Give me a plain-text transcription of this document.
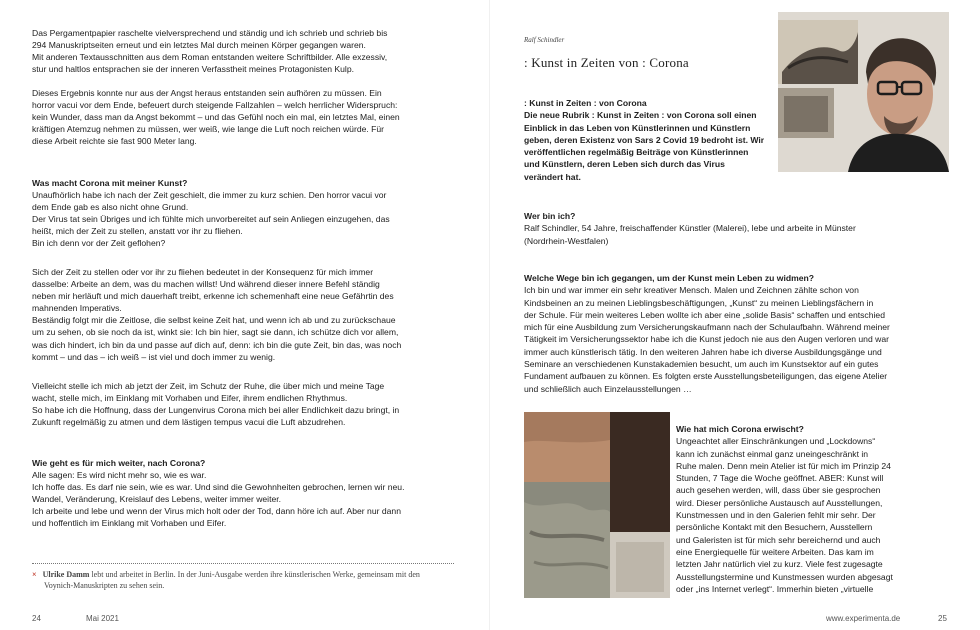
Das Pergamentpapier raschelte vielversprechend und ständig und ich schrieb und schrieb bis

294 Manuskriptseiten erneut und ein letztes Mal durch meinen Körper gegangen waren.

Mit anderen Textausschnitten aus dem Roman entstanden weitere Schriftbilder. Alle exzessiv,

stur und haltlos entsprachen sie der inneren Verfasstheit meines Protagonisten Kulp.

Dieses Ergebnis konnte nur aus der Angst heraus entstanden sein aufhören zu müssen. Ein

horror vacui vor dem Ende, befeuert durch steigende Fallzahlen – welch herrlicher Widerspruch:

kein Wunder, dass man da Angst bekommt – und das Gefühl noch ein mal, ein letztes Mal, einen

kräftigen Atemzug nehmen zu müssen, wer weiß, wie lange die Luft noch reichen würde. Für

diese Arbeit reichte sie fast 900 Meter lang.

Was macht Corona mit meiner Kunst?

Unaufhörlich habe ich nach der Zeit geschielt, die immer zu kurz schien. Den horror vacui vor

dem Ende gab es also nicht ohne Grund.

Der Virus tat sein Übriges und ich fühlte mich unvorbereitet auf sein Anliegen einzugehen, das

heißt, mich der Zeit zu stellen, anstatt vor ihr zu fliehen.

Bin ich denn vor der Zeit geflohen?

Sich der Zeit zu stellen oder vor ihr zu fliehen bedeutet in der Konsequenz für mich immer

dasselbe: Arbeite an dem, was du machen willst! Und während dieser innere Befehl ständig

neben mir herläuft und mich dauerhaft treibt, erkenne ich schemenhaft eine neue Gefährtin des

mahnenden Imperativs.

Beständig folgt mir die Zeitlose, die selbst keine Zeit hat, und wenn ich ab und zu zurückschaue

um zu sehen, ob sie noch da ist, winkt sie: Ich bin hier, sagt sie dann, ich schütze dich vor allem,

was dich hindert, ich bin da und passe auf dich auf, denn: ich bin die gute Zeit, bin das, was noch

kommt – und das – ich weiß – ist viel und doch immer zu wenig.

Vielleicht stelle ich mich ab jetzt der Zeit, im Schutz der Ruhe, die über mich und meine Tage

wacht, stelle mich, im Einklang mit Vorhaben und Eifer, ihrem endlichen Rhythmus.

So habe ich die Hoffnung, dass der Lungenvirus Corona mich bei aller Endlichkeit dazu bringt, in

Zukunft regelmäßig zu atmen und dem lästigen tempus vacui die Luft abzudrehen.

Wie geht es für mich weiter, nach Corona?

Alle sagen: Es wird nicht mehr so, wie es war.

Ich hoffe das. Es darf nie sein, wie es war. Und sind die Gewohnheiten gebrochen, lernen wir neu.

Wandel, Veränderung, Kreislauf des Lebens, weiter immer weiter.

Ich arbeite und lebe und wenn der Virus mich holt oder der Tod, dann höre ich auf. Aber nur dann

und hoffentlich im Einklang mit Vorhaben und Eifer.

× Ulrike Damm lebt und arbeitet in Berlin. In der Juni-Ausgabe werden ihre künstlerischen Werke, gemeinsam mit den
Voynich-Manuskripten zu sehen sein.
24	Mai 2021
Ralf Schindler
: Kunst in Zeiten von : Corona

: Kunst in Zeiten : von Corona

Die neue Rubrik : Kunst in Zeiten : von Corona soll einen

Einblick in das Leben von Künstlerinnen und Künstlern

geben, deren Existenz von Sars 2 Covid 19 bedroht ist. Wir

veröffentlichen regelmäßig Beiträge von Künstlerinnen

und Künstlern, deren Leben sich durch das Virus

verändert hat.

Wer bin ich?

Ralf Schindler, 54 Jahre, freischaffender Künstler (Malerei), lebe und arbeite in Münster

(Nordrhein-Westfalen)

Welche Wege bin ich gegangen, um der Kunst mein Leben zu widmen?

Ich bin und war immer ein sehr kreativer Mensch. Malen und Zeichnen zählte schon von

Kindsbeinen an zu meinen Lieblingsbeschäftigungen, „Kunst“ zu meinen Lieblingsfächern in

der Schule. Für mein weiteres Leben wollte ich aber eine „solide Basis“ schaffen und entschied

mich für eine Ausbildung zum Versicherungskaufmann nach der Schulaufbahn. Während meiner

Tätigkeit im Versicherungssektor habe ich die Kunst jedoch nie aus den Augen verloren und war

immer auch künstlerisch tätig. In den weiteren Jahren habe ich diverse Ausbildungsgänge und

Seminare an verschiedenen Kunstakademien besucht, um auch im Kunstsektor auf ein gutes

Fundament aufbauen zu können. Es folgten erste Ausstellungsbeteiligungen, das eigene Atelier

und schließlich auch Einzelausstellungen …

Wie hat mich Corona erwischt?

Ungeachtet aller Einschränkungen und „Lockdowns“

kann ich zunächst einmal ganz uneingeschränkt in

Ruhe malen. Denn mein Atelier ist für mich im Prinzip 24

Stunden, 7 Tage die Woche geöffnet. ABER: Kunst will

auch gesehen werden, will, dass über sie gesprochen

wird. Dieser persönliche Austausch auf Ausstellungen,

Kunstmessen und in den Galerien fehlt mir sehr. Der

persönliche Kontakt mit den Besuchern, Ausstellern

und Galeristen ist für mich sehr bereichernd und auch

eine Energiequelle für weitere Arbeiten. Das kam im

letzten Jahr natürlich viel zu kurz. Viele fest zugesagte

Ausstellungstermine und Kunstmessen wurden abgesagt

oder „ins Internet verlegt“. Immerhin bieten „virtuelle

www.experimenta.de	25
